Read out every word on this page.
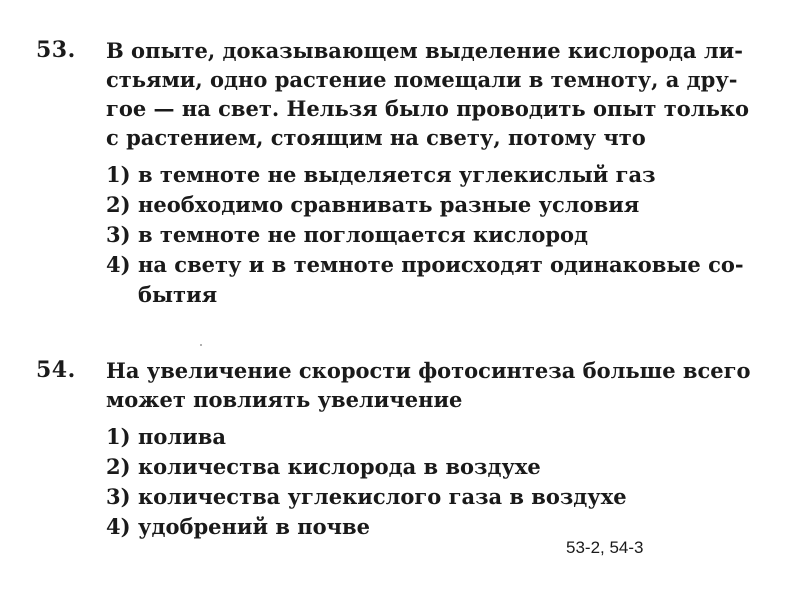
53.	В опыте, доказывающем выделение кислорода ли-
стьями, одно растение помещали в темноту, а дру-
гое — на свет. Нельзя было проводить опыт только
с растением, стоящим на свету, потому что
1) в темноте не выделяется углекислый газ
2) необходимо сравнивать разные условия
3) в темноте не поглощается кислород
4) на свету и в темноте происходят одинаковые со-
бытия
54.	На увеличение скорости фотосинтеза больше всего
может повлиять увеличение
1) полива
2) количества кислорода в воздухе
3) количества углекислого газа в воздухе
4) удобрений в почве
53-2, 54-3
